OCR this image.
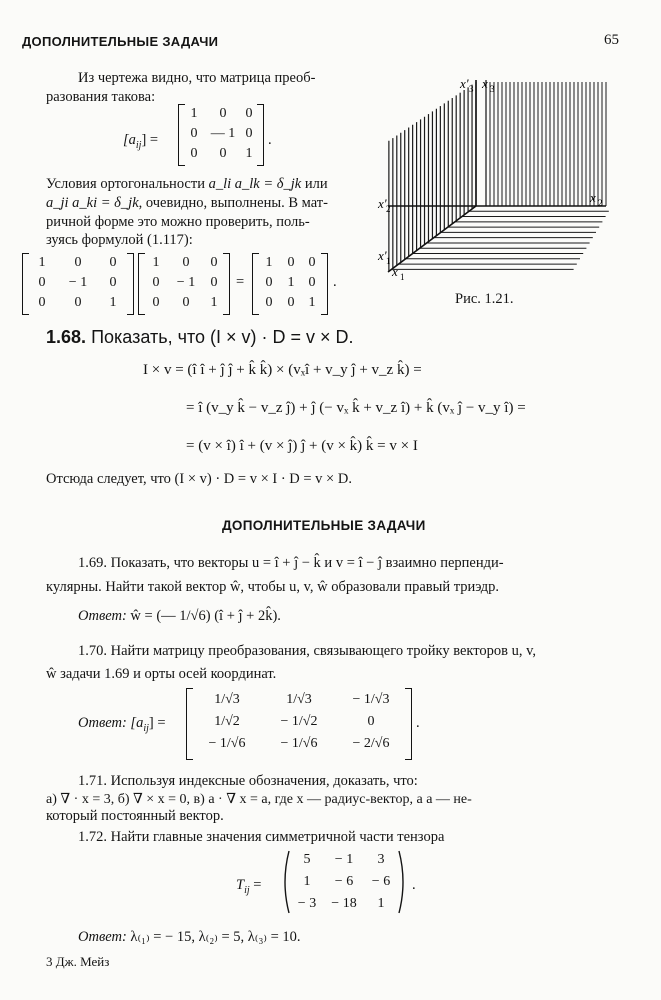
ДОПОЛНИТЕЛЬНЫЕ ЗАДАЧИ	65
Из чертежа видно, что матрица преоб-
разования такова:
$[a_{ij}]$ =
1	0	0
0 — 1 0
0	0	1
.
Условия ортогональности a_li a_lk = δ_jk или
a_ji a_ki = δ_jk, очевидно, выполнены. В мат-
ричной форме это можно проверить, поль-
зуясь формулой (1.117):
1	0	0
0	− 1	0
0	0	1
1	0	0
0	− 1	0
0	0	1
=
1	0	0
0	1	0
0	0	1
.
x' 3 x 3
x' 2
x 2
x' 1
x 1
Рис. 1.21.
1.68. Показать, что (I × v) · D = v × D.
I × v = (î î + ĵ ĵ + k̂ k̂) × (vₓî + v_y ĵ + v_z k̂) =
= î (v_y k̂ − v_z ĵ) + ĵ (− vₓ k̂ + v_z î) + k̂ (vₓ ĵ − v_y î) =
= (v × î) î + (v × ĵ) ĵ + (v × k̂) k̂ = v × I
Отсюда следует, что (I × v) · D = v × I · D = v × D.
ДОПОЛНИТЕЛЬНЫЕ ЗАДАЧИ
1.69. Показать, что векторы u = î + ĵ − k̂ и v = î − ĵ взаимно перпенди-
кулярны. Найти такой вектор ŵ, чтобы u, v, ŵ образовали правый триэдр.
Ответ: ŵ = (— 1/√6) (î + ĵ + 2k̂).
1.70. Найти матрицу преобразования, связывающего тройку векторов u, v,
ŵ задачи 1.69 и орты осей координат.
Ответ: $[a_{ij}]$ =
1/√3	1/√3	− 1/√3
1/√2	− 1/√2	0
− 1/√6	− 1/√6	− 2/√6
.
1.71. Используя индексные обозначения, доказать, что:
а) ∇ · x = 3, б) ∇ × x = 0, в) a · ∇ x = a, где x — радиус-вектор, a a — не-
который постоянный вектор.
1.72. Найти главные значения симметричной части тензора
$T_{ij}$ =
5	− 1	3
1	− 6	− 6
− 3	− 18	1
.
Ответ: λ₍₁₎ = − 15, λ₍₂₎ = 5, λ₍₃₎ = 10.
3 Дж. Мейз
